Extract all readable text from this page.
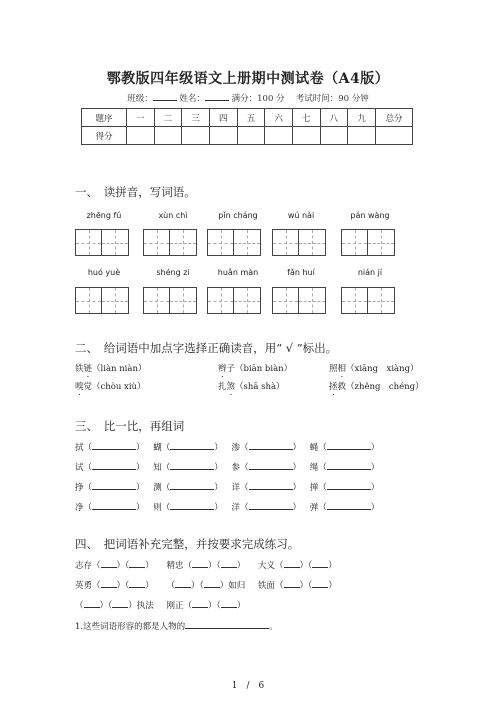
鄂教版四年级语文上册期中测试卷（A4版）
班级：	姓名：	满分：100 分　 考试时间：90 分钟
题序	一	二	三	四	五	六	七	八	九	总分
得分										
一、　读拼音，写词语。
zhēng fú	xùn chì	pǐn cháng	wú nài	pán wàng
huó yuè	shéng zi	huǎn màn	fǎn huí	nián jí
二、　给词语中加点字选择正确读音，用“ √ ”标出。
铁链（liàn niàn）	辫子（biān biàn）	照相（xiāng　xiàng）
嗅觉（chòu xiù）	扎煞（shā shà）	拯救（zhěng　chéng）
三、　比一比，再组词
拭（	） 蝴（	） 渗（	） 蝇（	）
试（	） 知（	） 参（	） 绳（	）
挣（	） 测（	） 详（	） 掸（	）
净（	） 则（	） 洋（	） 弹（	）
四、　把词语补充完整，并按要求完成练习。
志存（ ）（ ） 精忠（ ）（ ） 大义（ ）（ ）
英勇（ ）（ ） （ ）（ ）如归 铁面（ ）（ ）
（ ）（ ）执法 刚正（ ）（ ）
1.这些词语形容的都是人物的	。
1　/　6
